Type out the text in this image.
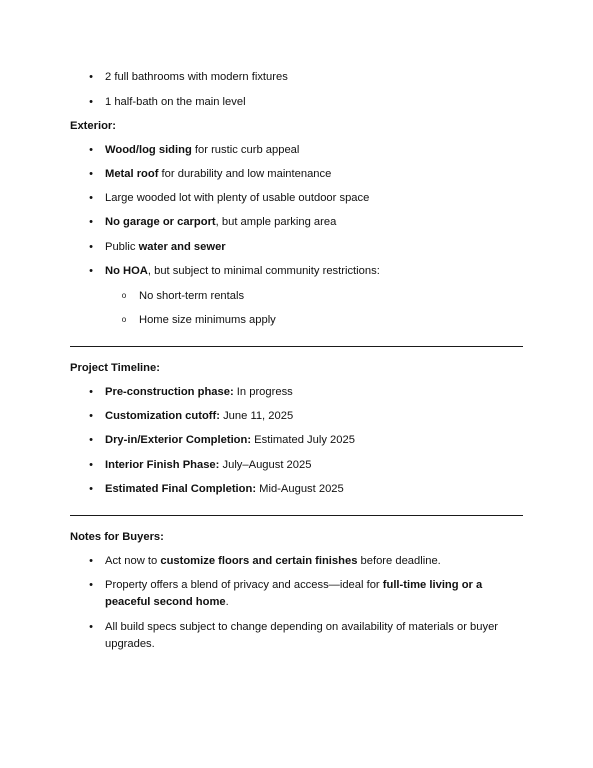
• 2 full bathrooms with modern fixtures
• 1 half-bath on the main level
Exterior:
• Wood/log siding for rustic curb appeal
• Metal roof for durability and low maintenance
• Large wooded lot with plenty of usable outdoor space
• No garage or carport, but ample parking area
• Public water and sewer
• No HOA, but subject to minimal community restrictions:
o No short-term rentals
o Home size minimums apply
Project Timeline:
• Pre-construction phase: In progress
• Customization cutoff: June 11, 2025
• Dry-in/Exterior Completion: Estimated July 2025
• Interior Finish Phase: July–August 2025
• Estimated Final Completion: Mid-August 2025
Notes for Buyers:
• Act now to customize floors and certain finishes before deadline.
• Property offers a blend of privacy and access—ideal for full-time living or a peaceful second home.
• All build specs subject to change depending on availability of materials or buyer upgrades.
